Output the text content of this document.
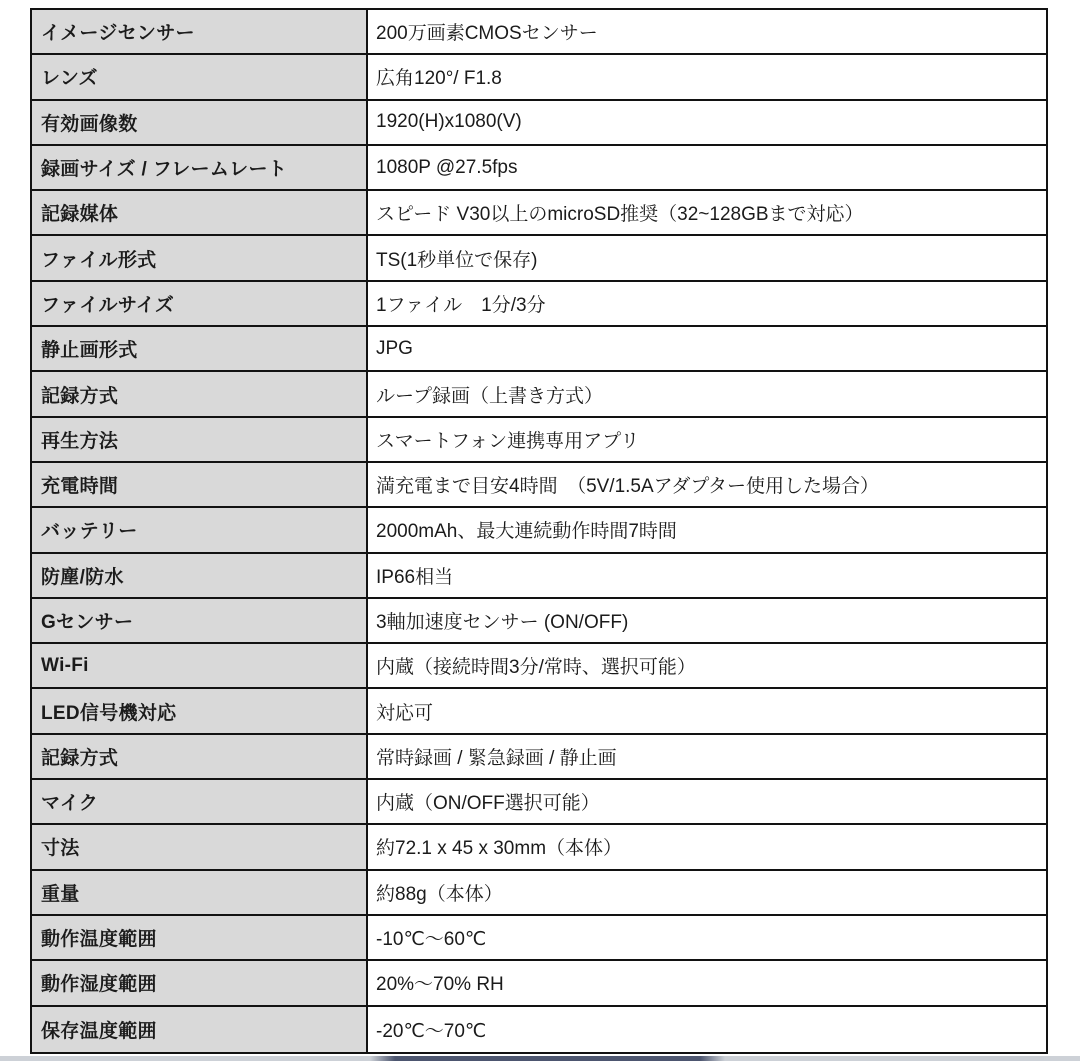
イメージセンサー	200万画素CMOSセンサー
レンズ	広角120°/ F1.8
有効画像数	1920(H)x1080(V)
録画サイズ / フレームレート	1080P @27.5fps
記録媒体	スピード V30以上のmicroSD推奨（32~128GBまで対応）
ファイル形式	TS(1秒単位で保存)
ファイルサイズ	1ファイル　1分/3分
静止画形式	JPG
記録方式	ループ録画（上書き方式）
再生方法	スマートフォン連携専用アプリ
充電時間	満充電まで目安4時間　（5V/1.5Aアダプター使用した場合）
バッテリー	2000mAh、最大連続動作時間7時間
防塵/防水	IP66相当
Gセンサー	3軸加速度センサー (ON/OFF)
Wi-Fi	内蔵（接続時間3分/常時、選択可能）
LED信号機対応	対応可
記録方式	常時録画 / 緊急録画 / 静止画
マイク	内蔵（ON/OFF選択可能）
寸法	約72.1 x 45 x 30mm（本体）
重量	約88g（本体）
動作温度範囲	-10℃～60℃
動作湿度範囲	20%～70% RH
保存温度範囲	-20℃～70℃
